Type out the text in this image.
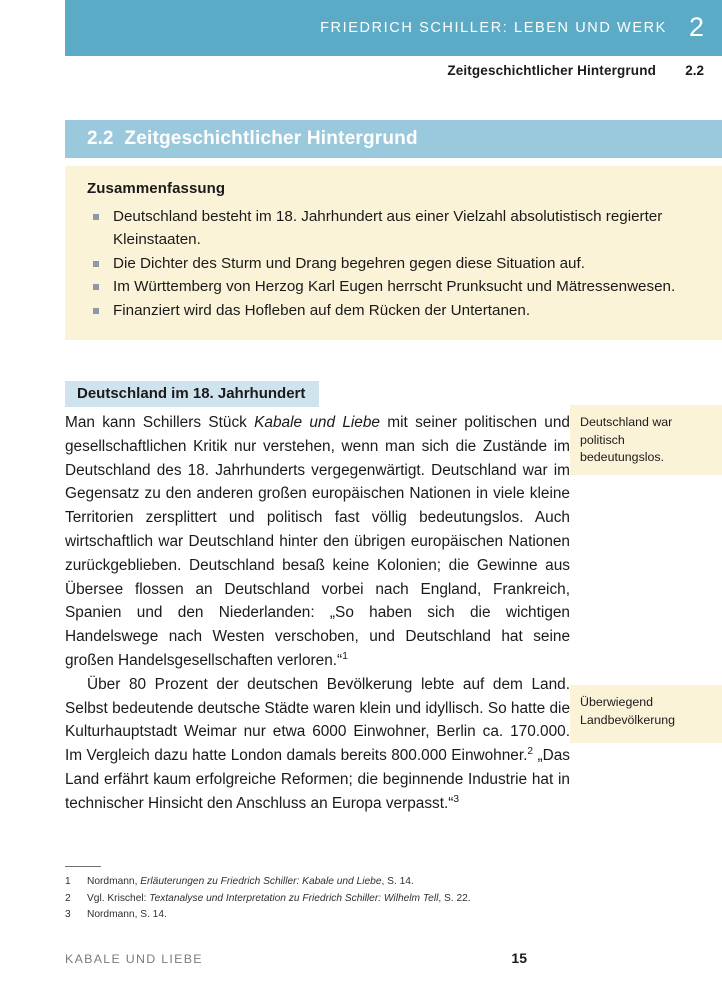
FRIEDRICH SCHILLER: LEBEN UND WERK 2
Zeitgeschichtlicher Hintergrund 2.2
2.2 Zeitgeschichtlicher Hintergrund
Zusammenfassung
Deutschland besteht im 18. Jahrhundert aus einer Vielzahl absolutistisch regierter Kleinstaaten.
Die Dichter des Sturm und Drang begehren gegen diese Situation auf.
Im Württemberg von Herzog Karl Eugen herrscht Prunksucht und Mätressenwesen.
Finanziert wird das Hofleben auf dem Rücken der Untertanen.
Deutschland im 18. Jahrhundert

Man kann Schillers Stück Kabale und Liebe mit seiner politischen und gesellschaftlichen Kritik nur verstehen, wenn man sich die Zustände im Deutschland des 18. Jahrhunderts vergegenwärtigt. Deutschland war im Gegensatz zu den anderen großen europäischen Nationen in viele kleine Territorien zersplittert und politisch fast völlig bedeutungslos. Auch wirtschaftlich war Deutschland hinter den übrigen europäischen Nationen zurückgeblieben. Deutschland besaß keine Kolonien; die Gewinne aus Übersee flossen an Deutschland vorbei nach England, Frankreich, Spanien und den Niederlanden: „So haben sich die wichtigen Handelswege nach Westen verschoben, und Deutschland hat seine großen Handelsgesellschaften verloren.“$^1$

Über 80 Prozent der deutschen Bevölkerung lebte auf dem Land. Selbst bedeutende deutsche Städte waren klein und idyllisch. So hatte die Kulturhauptstadt Weimar nur etwa 6000 Einwohner, Berlin ca. 170.000. Im Vergleich dazu hatte London damals bereits 800.000 Einwohner.$^2$ „Das Land erfährt kaum erfolgreiche Reformen; die beginnende Industrie hat in technischer Hinsicht den Anschluss an Europa verpasst.“$^3$

Deutschland war politisch bedeutungslos.
Überwiegend Landbevölkerung
1	Nordmann, Erläuterungen zu Friedrich Schiller: Kabale und Liebe, S. 14.
2	Vgl. Krischel: Textanalyse und Interpretation zu Friedrich Schiller: Wilhelm Tell, S. 22.
3	Nordmann, S. 14.
KABALE UND LIEBE	15
